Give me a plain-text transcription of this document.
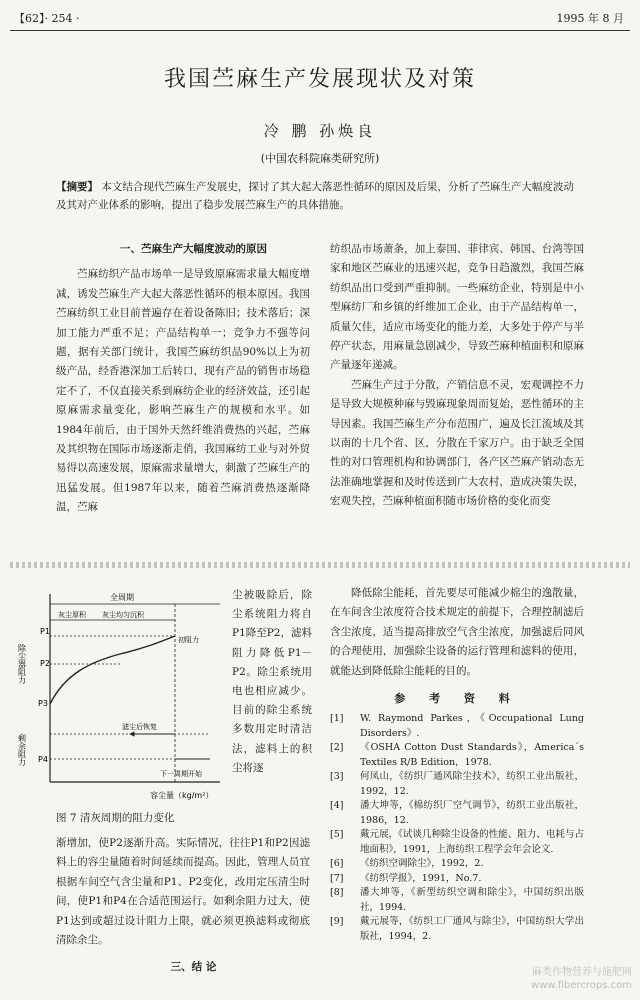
【62】· 254 ·	1995 年 8 月
我国苎麻生产发展现状及对策
冷 鹏 孙焕良
(中国农科院麻类研究所)
【摘要】 本文结合现代苎麻生产发展史，探讨了其大起大落恶性循环的原因及后果，分析了苎麻生产大幅度波动及其对产业体系的影响，提出了稳步发展苎麻生产的具体措施。

一、苎麻生产大幅度波动的原因

苎麻纺织产品市场单一是导致原麻需求量大幅度增减，诱发苎麻生产大起大落恶性循环的根本原因。我国苎麻纺织工业目前普遍存在着设备陈旧；技术落后；深加工能力严重不足；产品结构单一；竞争力不强等问题，据有关部门统计，我国苎麻纺织品90%以上为初级产品，经香港深加工后转口，现有产品的销售市场稳定不了，不仅直接关系到麻纺企业的经济效益，还引起原麻需求量变化，影响苎麻生产的规模和水平。如1984年前后，由于国外天然纤维消费热的兴起，苎麻及其织物在国际市场逐渐走俏，我国麻纺工业与对外贸易得以高速发展，原麻需求量增大，刺激了苎麻生产的迅猛发展。但1987年以来，随着苎麻消费热逐渐降温，苎麻

纺织品市场萧条，加上泰国、菲律宾、韩国、台湾等国家和地区苎麻业的迅速兴起，竞争日趋激烈，我国苎麻纺织品出口受到严重抑制。一些麻纺企业，特别是中小型麻纺厂和乡镇的纤维加工企业，由于产品结构单一，质量欠佳，适应市场变化的能力差，大多处于停产与半停产状态，用麻量急剧减少，导致苎麻种植面积和原麻产量逐年递减。

苎麻生产过于分散，产销信息不灵，宏观调控不力是导致大规模种麻与毁麻现象周而复始，恶性循环的主导因素。我国苎麻生产分布范围广，遍及长江流域及其以南的十几个省、区，分散在千家万户。由于缺乏全国性的对口管理机构和协调部门，各产区苎麻产销动态无法准确地掌握和及时传送到广大农村，造成决策失误，宏观失控，苎麻种植面积随市场价格的变化而变

全周期
灰尘厚积 灰尘均匀沉积
P1
P2
P3
P4
初阻力
除尘器阻力
剩余阻力
滤尘后恢复
下一周期开始
容尘量（kg/m²）
图 7 清灰周期的阻力变化

尘被吸除后，除尘系统阻力将自P1降至P2，滤料阻力降低P1－P2。除尘系统用电也相应减少。目前的除尘系统多数用定时清洁法，滤料上的积尘将逐

渐增加，使P2逐渐升高。实际情况，往往P1和P2因滤料上的容尘量随着时间延续而提高。因此，管理人员宜根据车间空气含尘量和P1、P2变化，改用定压清尘时间，使P1和P4在合适范围运行。如剩余阻力过大，使P1达到或超过设计阻力上限，就必须更换滤料或彻底清除余尘。

三、结 论

降低除尘能耗，首先要尽可能减少棉尘的逸散量，在车间含尘浓度符合技术规定的前提下，合理控制滤后含尘浓度，适当提高排放空气含尘浓度，加强滤后同风的合理使用，加强除尘设备的运行管理和滤料的使用，就能达到降低除尘能耗的目的。

参 考 资 料
[1]	W. Raymond Parkes，《Occupational Lung Disorders》.
[2]	《OSHA Cotton Dust Standards》，America´s Textiles R/B Edition，1978.
[3]	何凤山，《纺织厂通风除尘技术》，纺织工业出版社，1992，12.
[4]	潘大坤等，《棉纺织厂空气调节》，纺织工业出版社，1986，12.
[5]	戴元展，《试谈几种除尘设备的性能、阻力、电耗与占地面积》，1991，上海纺织工程学会年会论文.
[6]	《纺织空调除尘》，1992，2.
[7]	《纺织学报》，1991，No.7.
[8]	潘大坤等，《新型纺织空调和除尘》，中国纺织出版社，1994.
[9]	戴元展等，《纺织工厂通风与除尘》，中国纺织大学出版社，1994，2.
麻类作物营养与施肥网
www.fibercrops.com
